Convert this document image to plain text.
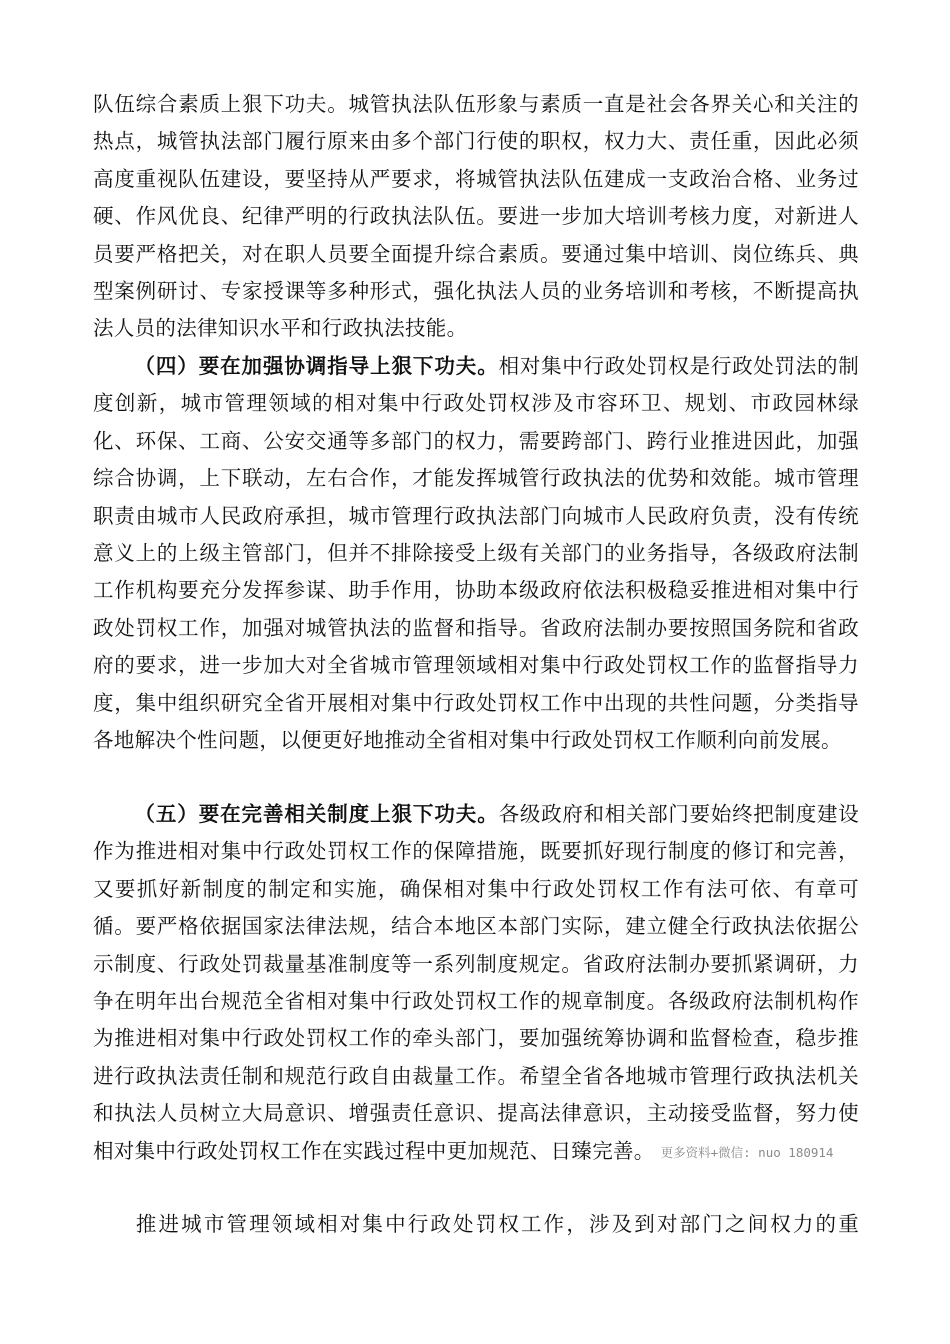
队伍综合素质上狠下功夫。城管执法队伍形象与素质一直是社会各界关心和关注的热点，城管执法部门履行原来由多个部门行使的职权，权力大、责任重，因此必须高度重视队伍建设，要坚持从严要求，将城管执法队伍建成一支政治合格、业务过硬、作风优良、纪律严明的行政执法队伍。要进一步加大培训考核力度，对新进人员要严格把关，对在职人员要全面提升综合素质。要通过集中培训、岗位练兵、典型案例研讨、专家授课等多种形式，强化执法人员的业务培训和考核，不断提高执法人员的法律知识水平和行政执法技能。
（四）要在加强协调指导上狠下功夫。相对集中行政处罚权是行政处罚法的制度创新，城市管理领域的相对集中行政处罚权涉及市容环卫、规划、市政园林绿化、环保、工商、公安交通等多部门的权力，需要跨部门、跨行业推进因此，加强综合协调，上下联动，左右合作，才能发挥城管行政执法的优势和效能。城市管理职责由城市人民政府承担，城市管理行政执法部门向城市人民政府负责，没有传统意义上的上级主管部门，但并不排除接受上级有关部门的业务指导，各级政府法制工作机构要充分发挥参谋、助手作用，协助本级政府依法积极稳妥推进相对集中行政处罚权工作，加强对城管执法的监督和指导。省政府法制办要按照国务院和省政府的要求，进一步加大对全省城市管理领域相对集中行政处罚权工作的监督指导力度，集中组织研究全省开展相对集中行政处罚权工作中出现的共性问题，分类指导各地解决个性问题，以便更好地推动全省相对集中行政处罚权工作顺利向前发展。
（五）要在完善相关制度上狠下功夫。各级政府和相关部门要始终把制度建设作为推进相对集中行政处罚权工作的保障措施，既要抓好现行制度的修订和完善，又要抓好新制度的制定和实施，确保相对集中行政处罚权工作有法可依、有章可循。要严格依据国家法律法规，结合本地区本部门实际，建立健全行政执法依据公示制度、行政处罚裁量基准制度等一系列制度规定。省政府法制办要抓紧调研，力争在明年出台规范全省相对集中行政处罚权工作的规章制度。各级政府法制机构作为推进相对集中行政处罚权工作的牵头部门，要加强统筹协调和监督检查，稳步推进行政执法责任制和规范行政自由裁量工作。希望全省各地城市管理行政执法机关和执法人员树立大局意识、增强责任意识、提高法律意识，主动接受监督，努力使相对集中行政处罚权工作在实践过程中更加规范、日臻完善。 更多资料+微信: nuo 180914
推进城市管理领域相对集中行政处罚权工作，涉及到对部门之间权力的重
